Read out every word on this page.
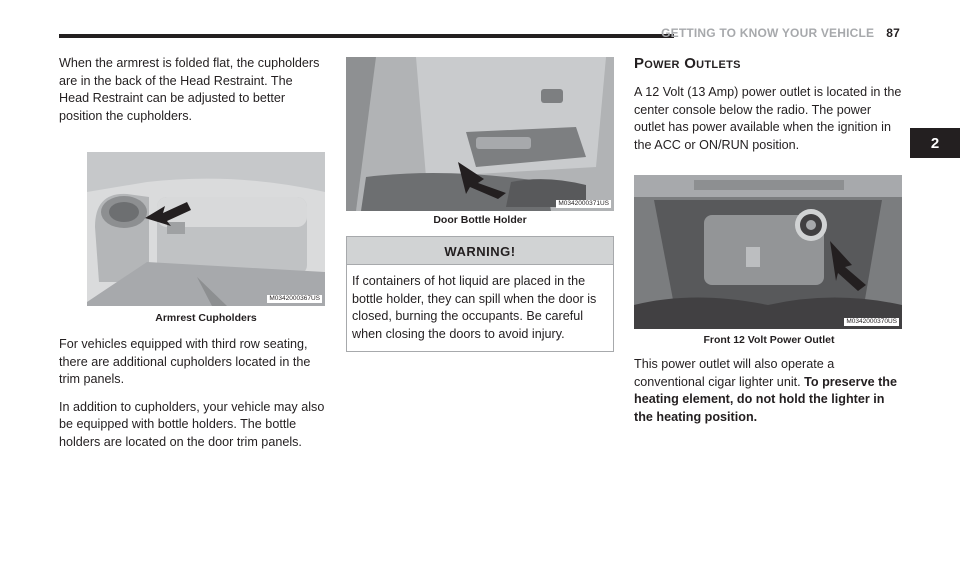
GETTING TO KNOW YOUR VEHICLE 87
2

When the armrest is folded flat, the cupholders are in the back of the Head Restraint. The Head Restraint can be adjusted to better position the cupholders.

M0342000367US
Armrest Cupholders

For vehicles equipped with third row seating, there are additional cupholders located in the trim panels.

In addition to cupholders, your vehicle may also be equipped with bottle holders. The bottle holders are located on the door trim panels.

M0342000371US
Door Bottle Holder
WARNING!

If containers of hot liquid are placed in the bottle holder, they can spill when the door is closed, burning the occupants. Be careful when closing the doors to avoid injury.

Power Outlets

A 12 Volt (13 Amp) power outlet is located in the center console below the radio. The power outlet has power available when the ignition in the ACC or ON/RUN position.

M0342000370US
Front 12 Volt Power Outlet

This power outlet will also operate a conventional cigar lighter unit. To preserve the heating element, do not hold the lighter in the heating position.
